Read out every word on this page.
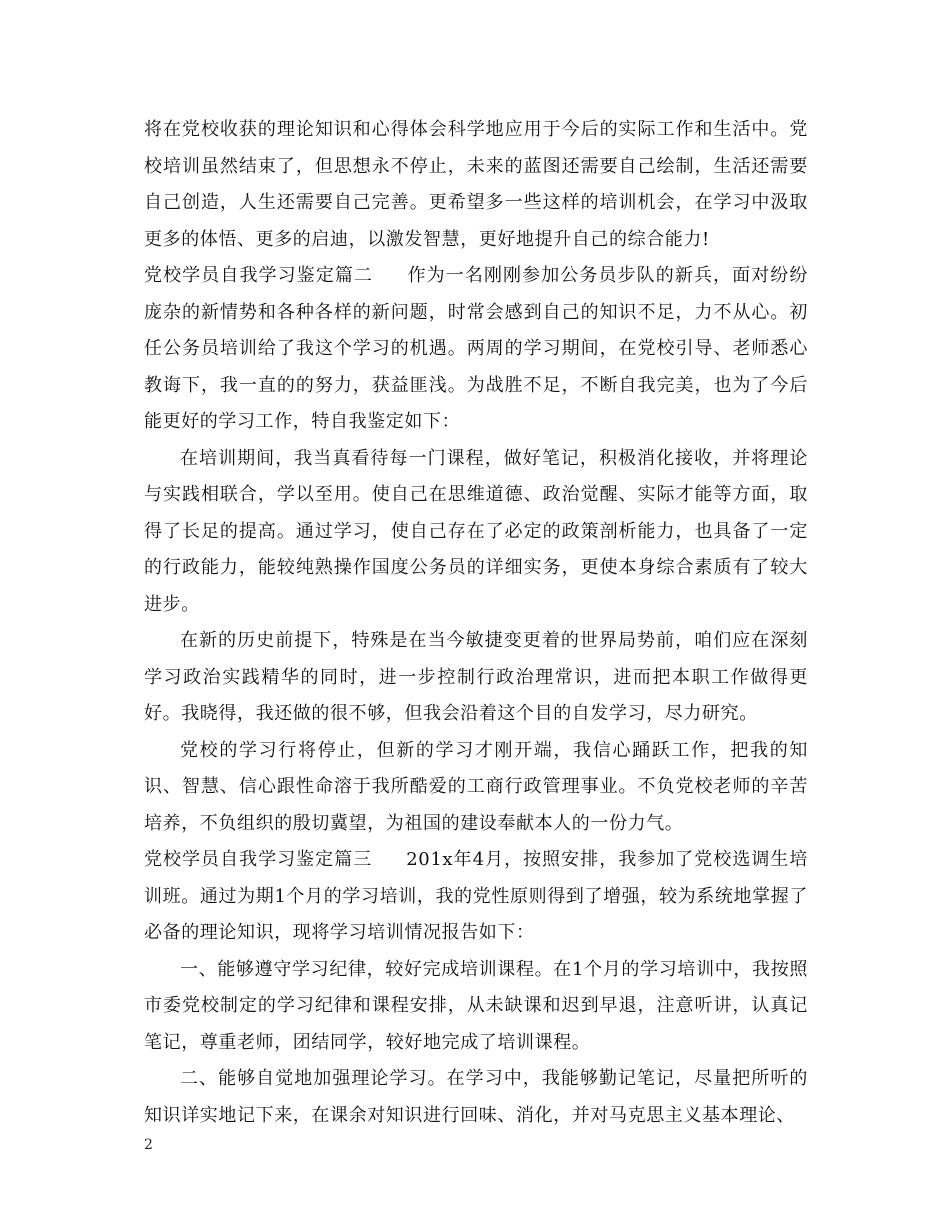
将在党校收获的理论知识和心得体会科学地应用于今后的实际工作和生活中。党校培训虽然结束了，但思想永不停止，未来的蓝图还需要自己绘制，生活还需要自己创造，人生还需要自己完善。更希望多一些这样的培训机会，在学习中汲取更多的体悟、更多的启迪，以激发智慧，更好地提升自己的综合能力!

党校学员自我学习鉴定篇二 作为一名刚刚参加公务员步队的新兵，面对纷纷庞杂的新情势和各种各样的新问题，时常会感到自己的知识不足，力不从心。初任公务员培训给了我这个学习的机遇。两周的学习期间，在党校引导、老师悉心教诲下，我一直的的努力，获益匪浅。为战胜不足，不断自我完美，也为了今后能更好的学习工作，特自我鉴定如下：

在培训期间，我当真看待每一门课程，做好笔记，积极消化接收，并将理论与实践相联合，学以至用。使自己在思维道德、政治觉醒、实际才能等方面，取得了长足的提高。通过学习，使自己存在了必定的政策剖析能力，也具备了一定的行政能力，能较纯熟操作国度公务员的详细实务，更使本身综合素质有了较大进步。

在新的历史前提下，特殊是在当今敏捷变更着的世界局势前，咱们应在深刻学习政治实践精华的同时，进一步控制行政治理常识，进而把本职工作做得更好。我晓得，我还做的很不够，但我会沿着这个目的自发学习，尽力研究。

党校的学习行将停止，但新的学习才刚开端，我信心踊跃工作，把我的知识、智慧、信心跟性命溶于我所酷爱的工商行政管理事业。不负党校老师的辛苦培养，不负组织的殷切冀望，为祖国的建设奉献本人的一份力气。

党校学员自我学习鉴定篇三 201x年4月，按照安排，我参加了党校选调生培训班。通过为期1个月的学习培训，我的党性原则得到了增强，较为系统地掌握了必备的理论知识，现将学习培训情况报告如下：

一、能够遵守学习纪律，较好完成培训课程。在1个月的学习培训中，我按照市委党校制定的学习纪律和课程安排，从未缺课和迟到早退，注意听讲，认真记笔记，尊重老师，团结同学，较好地完成了培训课程。

二、能够自觉地加强理论学习。在学习中，我能够勤记笔记，尽量把所听的知识详实地记下来，在课余对知识进行回味、消化，并对马克思主义基本理论、

2
